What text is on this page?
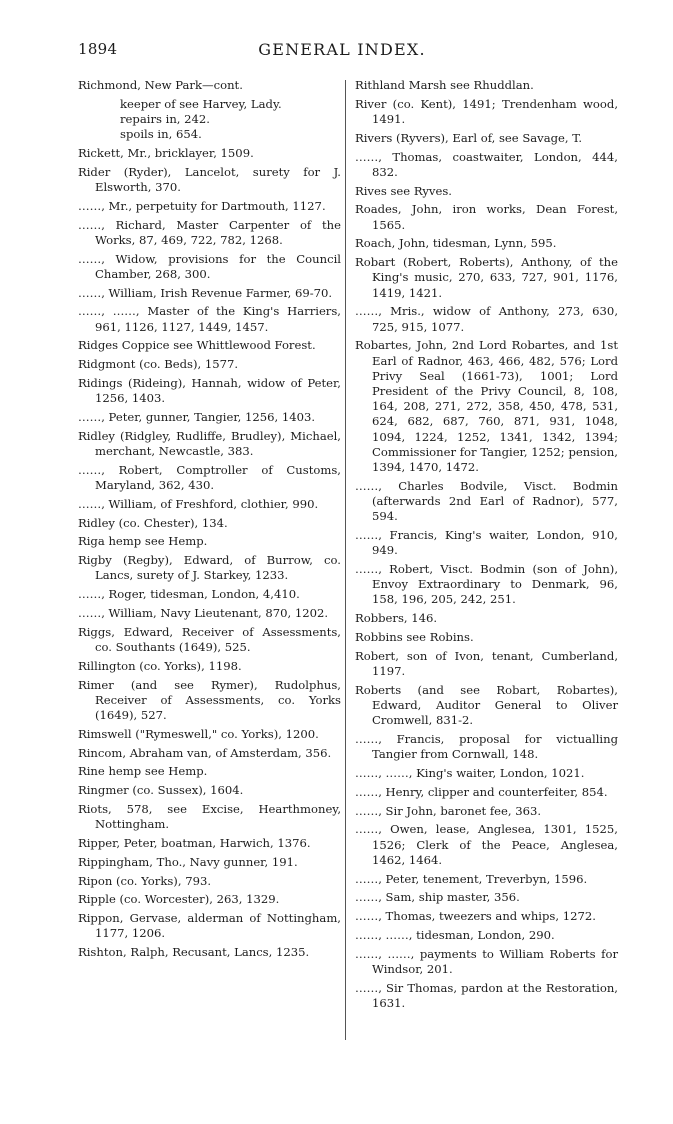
1894	GENERAL INDEX.

Richmond, New Park—cont.

keeper of see Harvey, Lady.

repairs in, 242.

spoils in, 654.

Rickett, Mr., bricklayer, 1509.

Rider (Ryder), Lancelot, surety for J. Elsworth, 370.

……, Mr., perpetuity for Dartmouth, 1127.

……, Richard, Master Carpenter of the Works, 87, 469, 722, 782, 1268.

……, Widow, provisions for the Council Chamber, 268, 300.

……, William, Irish Revenue Farmer, 69-70.

……, ……, Master of the King's Harriers, 961, 1126, 1127, 1449, 1457.

Ridges Coppice see Whittlewood Forest.

Ridgmont (co. Beds), 1577.

Ridings (Rideing), Hannah, widow of Peter, 1256, 1403.

……, Peter, gunner, Tangier, 1256, 1403.

Ridley (Ridgley, Rudliffe, Brudley), Michael, merchant, Newcastle, 383.

……, Robert, Comptroller of Customs, Maryland, 362, 430.

……, William, of Freshford, clothier, 990.

Ridley (co. Chester), 134.

Riga hemp see Hemp.

Rigby (Regby), Edward, of Burrow, co. Lancs, surety of J. Starkey, 1233.

……, Roger, tidesman, London, 4,410.

……, William, Navy Lieutenant, 870, 1202.

Riggs, Edward, Receiver of Assessments, co. Southants (1649), 525.

Rillington (co. Yorks), 1198.

Rimer (and see Rymer), Rudolphus, Receiver of Assessments, co. Yorks (1649), 527.

Rimswell ("Rymeswell," co. Yorks), 1200.

Rincom, Abraham van, of Amsterdam, 356.

Rine hemp see Hemp.

Ringmer (co. Sussex), 1604.

Riots, 578, see Excise, Hearthmoney, Nottingham.

Ripper, Peter, boatman, Harwich, 1376.

Rippingham, Tho., Navy gunner, 191.

Ripon (co. Yorks), 793.

Ripple (co. Worcester), 263, 1329.

Rippon, Gervase, alderman of Nottingham, 1177, 1206.

Rishton, Ralph, Recusant, Lancs, 1235.

Rithland Marsh see Rhuddlan.

River (co. Kent), 1491; Trendenham wood, 1491.

Rivers (Ryvers), Earl of, see Savage, T.

……, Thomas, coastwaiter, London, 444, 832.

Rives see Ryves.

Roades, John, iron works, Dean Forest, 1565.

Roach, John, tidesman, Lynn, 595.

Robart (Robert, Roberts), Anthony, of the King's music, 270, 633, 727, 901, 1176, 1419, 1421.

……, Mris., widow of Anthony, 273, 630, 725, 915, 1077.

Robartes, John, 2nd Lord Robartes, and 1st Earl of Radnor, 463, 466, 482, 576; Lord Privy Seal (1661-73), 1001; Lord President of the Privy Council, 8, 108, 164, 208, 271, 272, 358, 450, 478, 531, 624, 682, 687, 760, 871, 931, 1048, 1094, 1224, 1252, 1341, 1342, 1394; Commissioner for Tangier, 1252; pension, 1394, 1470, 1472.

……, Charles Bodvile, Visct. Bodmin (afterwards 2nd Earl of Radnor), 577, 594.

……, Francis, King's waiter, London, 910, 949.

……, Robert, Visct. Bodmin (son of John), Envoy Extraordinary to Denmark, 96, 158, 196, 205, 242, 251.

Robbers, 146.

Robbins see Robins.

Robert, son of Ivon, tenant, Cumberland, 1197.

Roberts (and see Robart, Robartes), Edward, Auditor General to Oliver Cromwell, 831-2.

……, Francis, proposal for victualling Tangier from Cornwall, 148.

……, ……, King's waiter, London, 1021.

……, Henry, clipper and counterfeiter, 854.

……, Sir John, baronet fee, 363.

……, Owen, lease, Anglesea, 1301, 1525, 1526; Clerk of the Peace, Anglesea, 1462, 1464.

……, Peter, tenement, Treverbyn, 1596.

……, Sam, ship master, 356.

……, Thomas, tweezers and whips, 1272.

……, ……, tidesman, London, 290.

……, ……, payments to William Roberts for Windsor, 201.

……, Sir Thomas, pardon at the Restoration, 1631.
